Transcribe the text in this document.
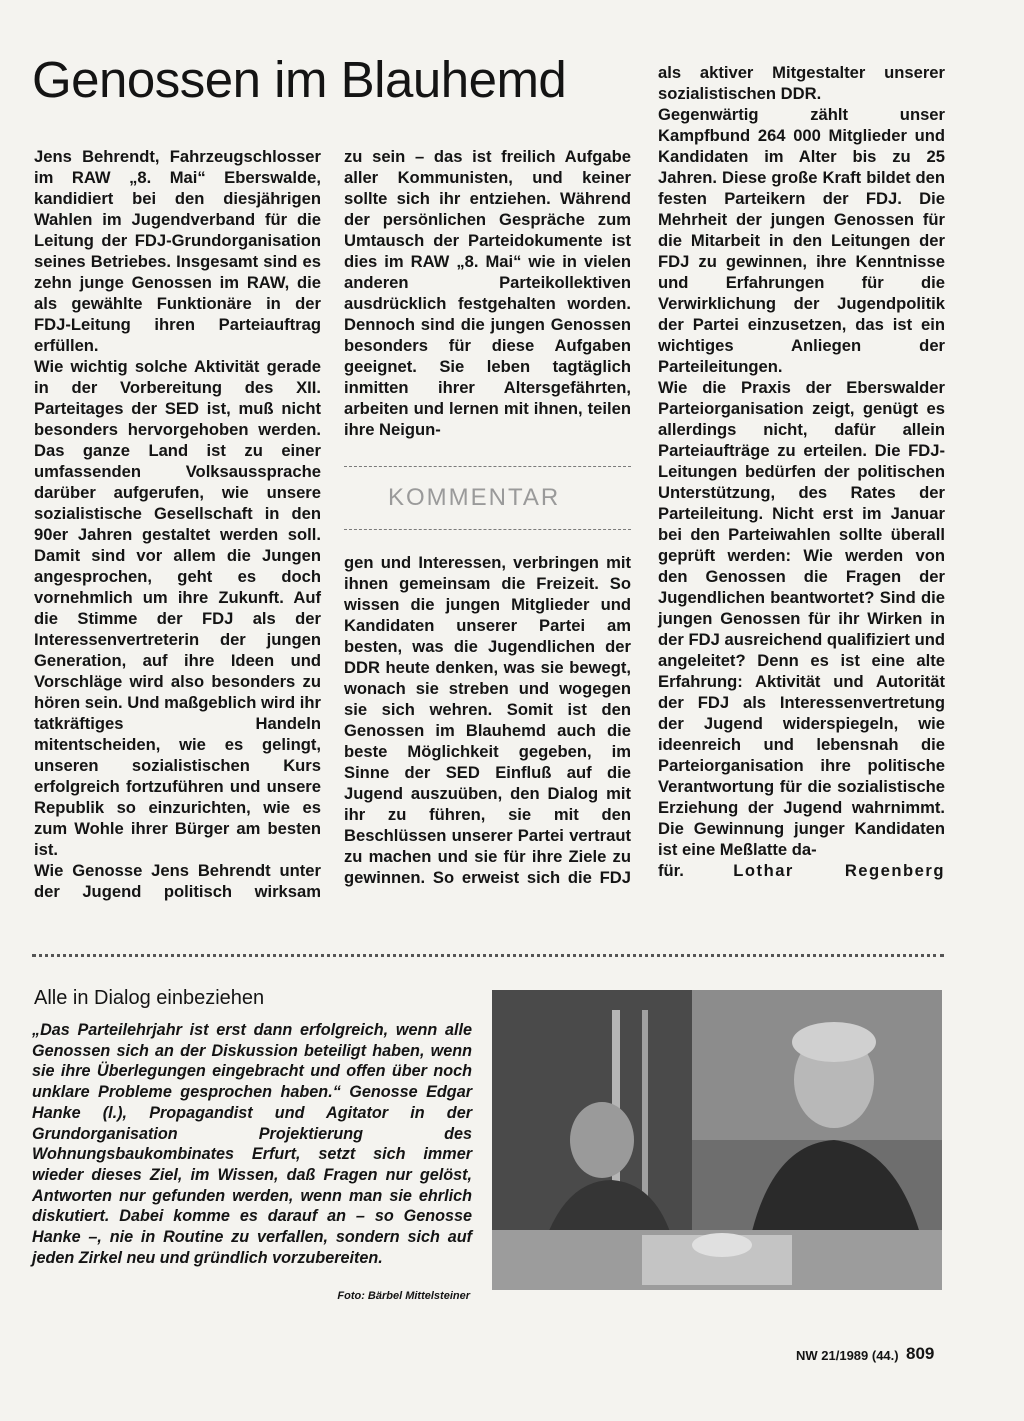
Genossen im Blauhemd

Jens Behrendt, Fahrzeugschlosser im RAW „8. Mai“ Eberswalde, kandidiert bei den diesjährigen Wahlen im Jugendverband für die Leitung der FDJ-Grundorganisation seines Betriebes. Insgesamt sind es zehn junge Genossen im RAW, die als gewählte Funktionäre in der FDJ-Leitung ihren Parteiauftrag erfüllen.

Wie wichtig solche Aktivität gerade in der Vorbereitung des XII. Parteitages der SED ist, muß nicht besonders hervorgehoben werden. Das ganze Land ist zu einer umfassenden Volksaussprache darüber aufgerufen, wie unsere sozialistische Gesellschaft in den 90er Jahren gestaltet werden soll. Damit sind vor allem die Jungen angesprochen, geht es doch vornehmlich um ihre Zukunft. Auf die Stimme der FDJ als der Interessenvertreterin der jungen Generation, auf ihre Ideen und Vorschläge wird also besonders zu hören sein. Und maßgeblich wird ihr tatkräftiges Handeln mitentscheiden, wie es gelingt, unseren sozialistischen Kurs erfolgreich fortzuführen und unsere Republik so einzurichten, wie es zum Wohle ihrer Bürger am besten ist.

Wie Genosse Jens Behrendt unter der Jugend politisch wirksam

zu sein – das ist freilich Aufgabe aller Kommunisten, und keiner sollte sich ihr entziehen. Während der persönlichen Gespräche zum Umtausch der Parteidokumente ist dies im RAW „8. Mai“ wie in vielen anderen Parteikollektiven ausdrücklich festgehalten worden. Dennoch sind die jungen Genossen besonders für diese Aufgaben geeignet. Sie leben tagtäglich inmitten ihrer Altersgefährten, arbeiten und lernen mit ihnen, teilen ihre Neigun-

KOMMENTAR

gen und Interessen, verbringen mit ihnen gemeinsam die Freizeit. So wissen die jungen Mitglieder und Kandidaten unserer Partei am besten, was die Jugendlichen der DDR heute denken, was sie bewegt, wonach sie streben und wogegen sie sich wehren. Somit ist den Genossen im Blauhemd auch die beste Möglichkeit gegeben, im Sinne der SED Einfluß auf die Jugend auszuüben, den Dialog mit ihr zu führen, sie mit den Beschlüssen unserer Partei vertraut zu machen und sie für ihre Ziele zu gewinnen. So erweist sich die FDJ

als aktiver Mitgestalter unserer sozialistischen DDR.

Gegenwärtig zählt unser Kampfbund 264 000 Mitglieder und Kandidaten im Alter bis zu 25 Jahren. Diese große Kraft bildet den festen Parteikern der FDJ. Die Mehrheit der jungen Genossen für die Mitarbeit in den Leitungen der FDJ zu gewinnen, ihre Kenntnisse und Erfahrungen für die Verwirklichung der Jugendpolitik der Partei einzusetzen, das ist ein wichtiges Anliegen der Parteileitungen.

Wie die Praxis der Eberswalder Parteiorganisation zeigt, genügt es allerdings nicht, dafür allein Parteiaufträge zu erteilen. Die FDJ-Leitungen bedürfen der politischen Unterstützung, des Rates der Parteileitung. Nicht erst im Januar bei den Parteiwahlen sollte überall geprüft werden: Wie werden von den Genossen die Fragen der Jugendlichen beantwortet? Sind die jungen Genossen für ihr Wirken in der FDJ ausreichend qualifiziert und angeleitet? Denn es ist eine alte Erfahrung: Aktivität und Autorität der FDJ als Interessenvertretung der Jugend widerspiegeln, wie ideenreich und lebensnah die Parteiorganisation ihre politische Verantwortung für die sozialistische Erziehung der Jugend wahrnimmt. Die Gewinnung junger Kandidaten ist eine Meßlatte da-

für.	Lothar Regenberg

Alle in Dialog einbeziehen
„Das Parteilehrjahr ist erst dann erfolgreich, wenn alle Genossen sich an der Diskussion beteiligt haben, wenn sie ihre Überlegungen eingebracht und offen über noch unklare Probleme gesprochen haben.“ Genosse Edgar Hanke (l.), Propagandist und Agitator in der Grundorganisation Projektierung des Wohnungsbaukombinates Erfurt, setzt sich immer wieder dieses Ziel, im Wissen, daß Fragen nur gelöst, Antworten nur gefunden werden, wenn man sie ehrlich diskutiert. Dabei komme es darauf an – so Genosse Hanke –, nie in Routine zu verfallen, sondern sich auf jeden Zirkel neu und gründlich vorzubereiten.
Foto: Bärbel Mittelsteiner
NW 21/1989 (44.) 809
